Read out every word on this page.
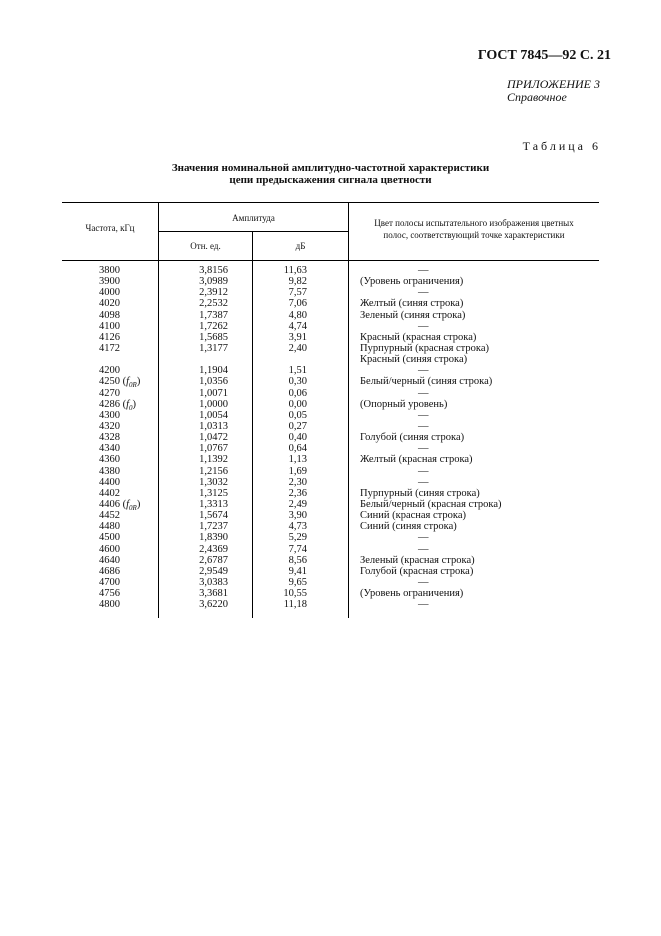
ГОСТ 7845—92 С. 21
ПРИЛОЖЕНИЕ 3
Справочное
Таблица 6
Значения номинальной амплитудно-частотной характеристики
цепи предыскажения сигнала цветности
Частота, кГц
Амплитуда
Отн. ед.	дБ
Цвет полосы испытательного изображения цветных
полос, соответствующий точке характеристики
3800	3,8156	11,63	—
3900	3,0989	9,82	(Уровень ограничения)
4000	2,3912	7,57	—
4020	2,2532	7,06	Желтый (синяя строка)
4098	1,7387	4,80	Зеленый (синяя строка)
4100	1,7262	4,74	—
4126	1,5685	3,91	Красный (красная строка)
4172	1,3177	2,40	Пурпурный (красная строка)
Красный (синяя строка)
4200	1,1904	1,51	—
4250 $(f_{0R})$	1,0356	0,30	Белый/черный (синяя строка)
4270	1,0071	0,06	—
4286 $(f_0)$	1,0000	0,00	(Опорный уровень)
4300	1,0054	0,05	—
4320	1,0313	0,27	—
4328	1,0472	0,40	Голубой (синяя строка)
4340	1,0767	0,64	—
4360	1,1392	1,13	Желтый (красная строка)
4380	1,2156	1,69	—
4400	1,3032	2,30	—
4402	1,3125	2,36	Пурпурный (синяя строка)
4406 $(f_{0R})$	1,3313	2,49	Белый/черный (красная строка)
4452	1,5674	3,90	Синий (красная строка)
4480	1,7237	4,73	Синий (синяя строка)
4500	1,8390	5,29	—
4600	2,4369	7,74	—
4640	2,6787	8,56	Зеленый (красная строка)
4686	2,9549	9,41	Голубой (красная строка)
4700	3,0383	9,65	—
4756	3,3681	10,55	(Уровень ограничения)
4800	3,6220	11,18	—
